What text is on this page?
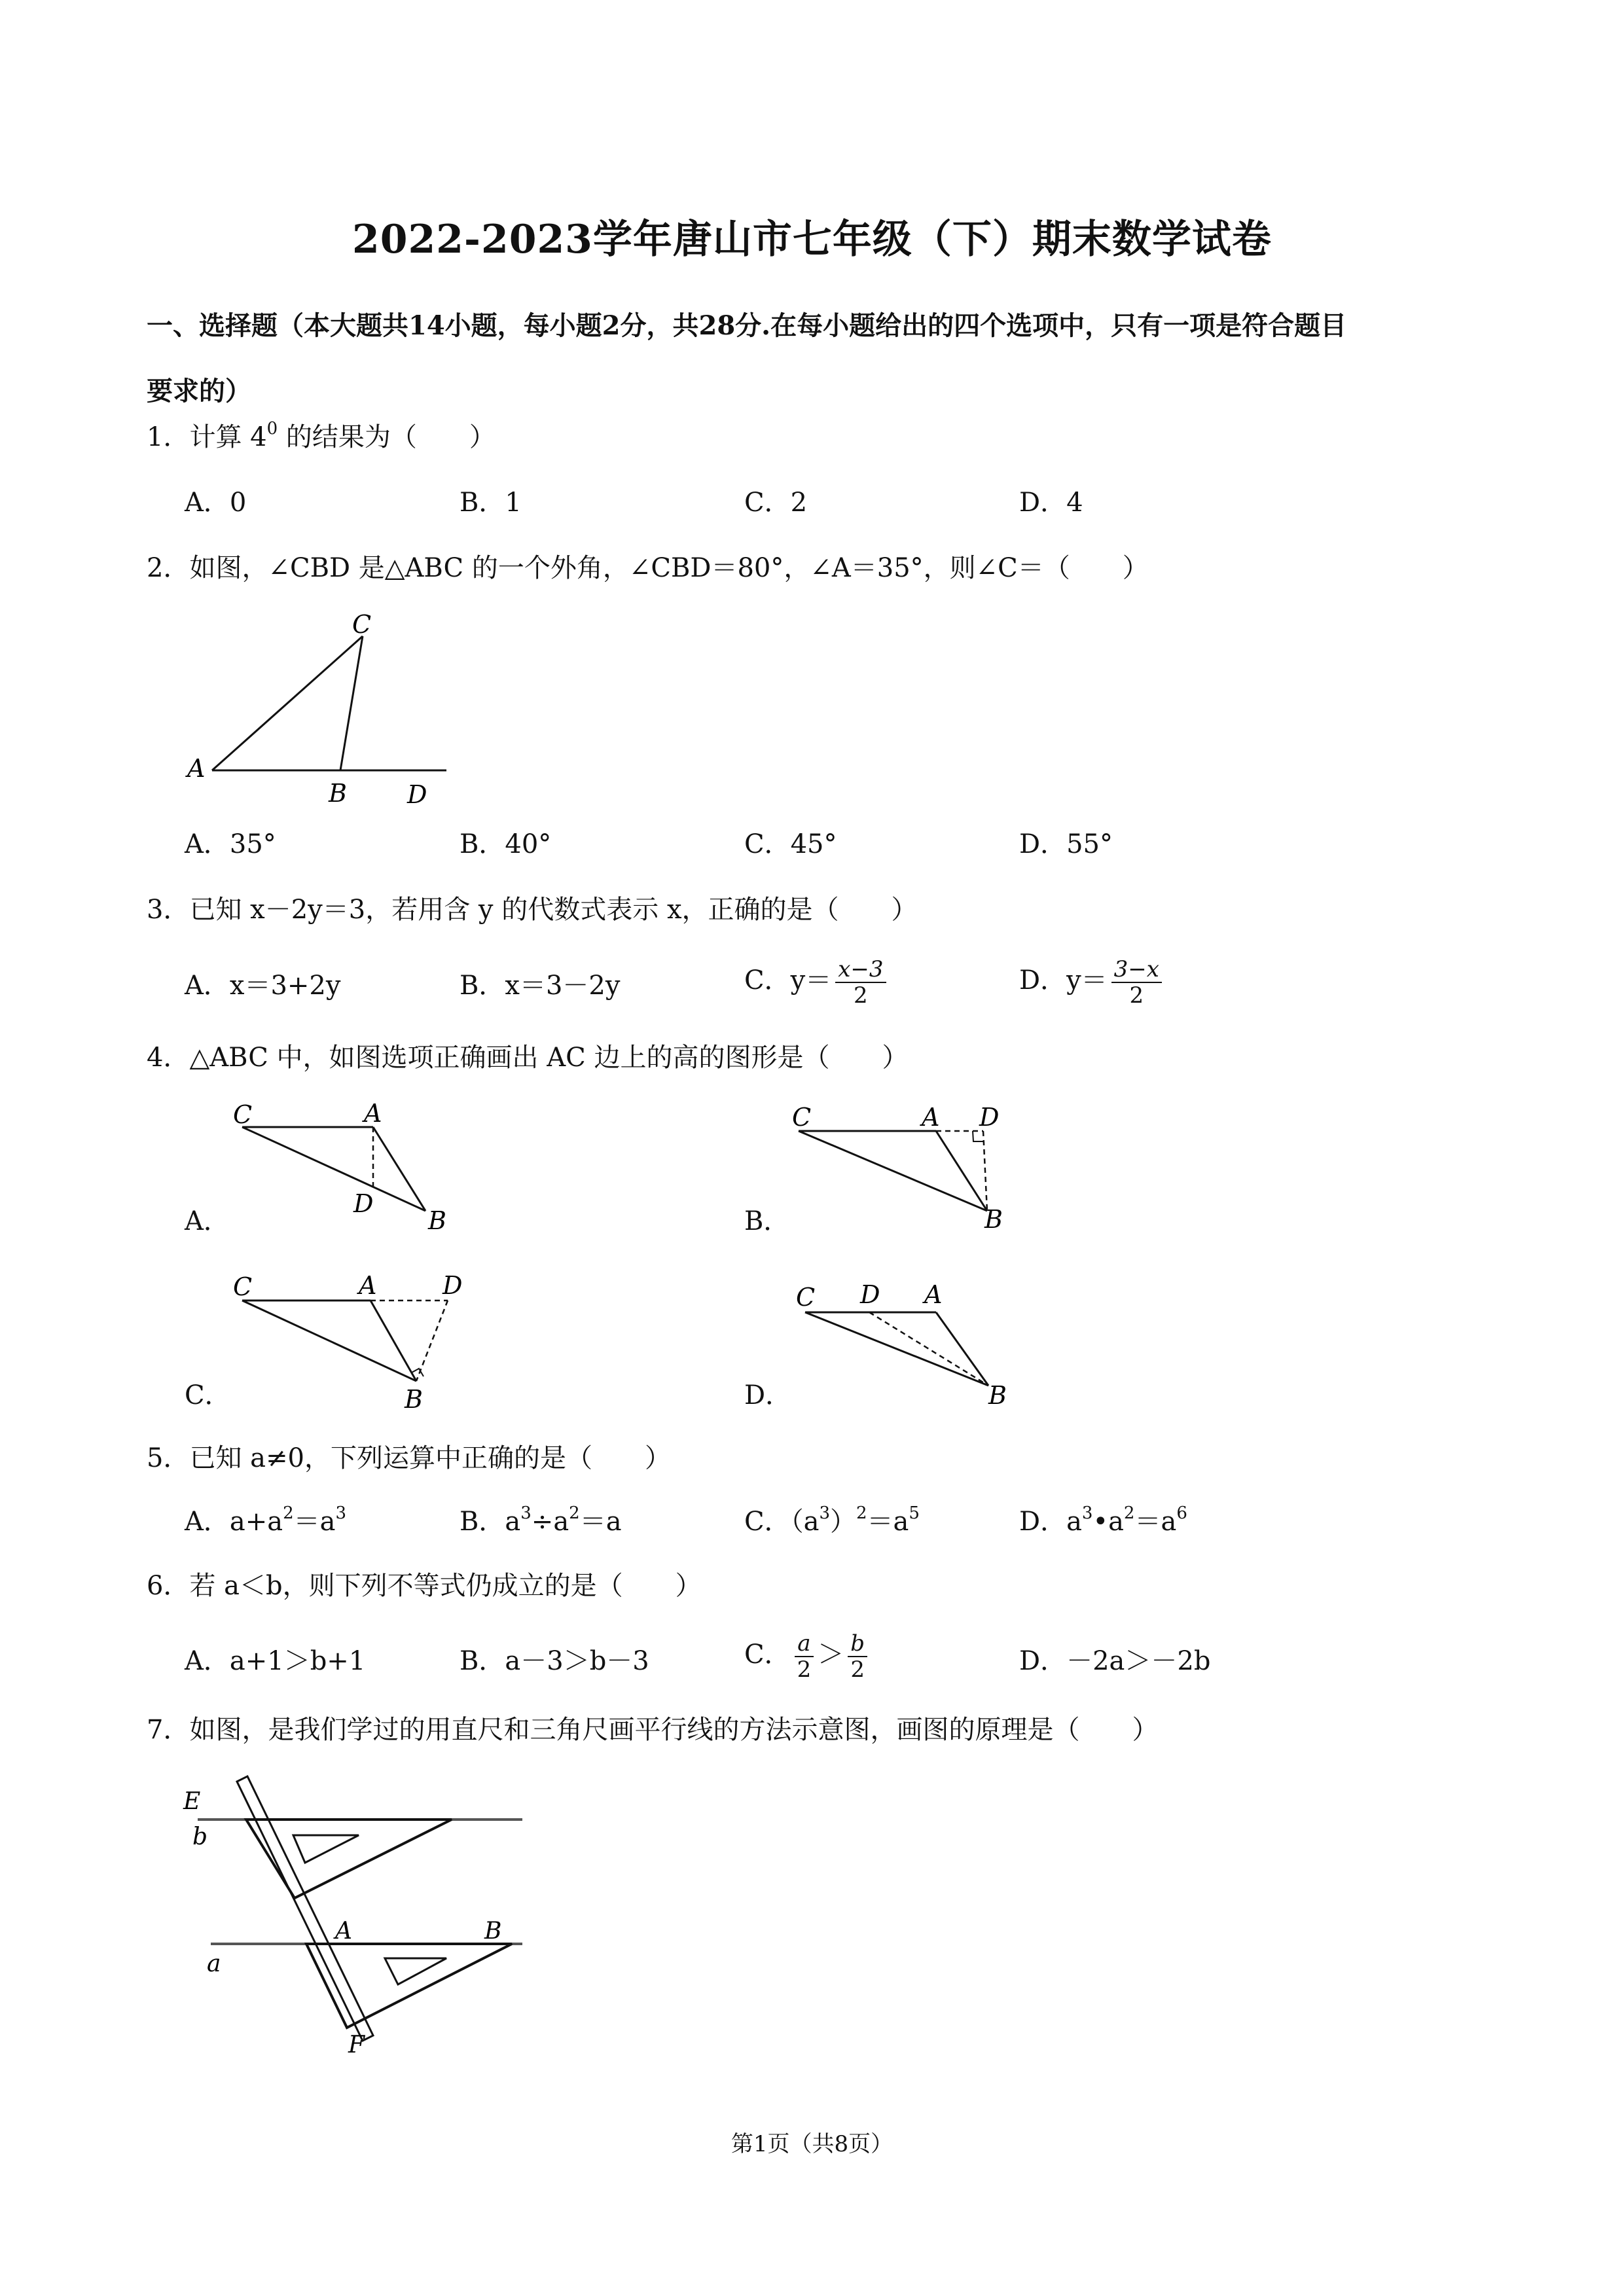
2022-2023学年唐山市七年级（下）期末数学试卷
一、选择题（本大题共14小题，每小题2分，共28分.在每小题给出的四个选项中，只有一项是符合题目
要求的）
1．计算 $4^0$ 的结果为（　　）
A．0	B．1	C．2	D．4
2．如图，∠CBD 是△ABC 的一个外角，∠CBD＝80°，∠A＝35°，则∠C＝（　　）
C
A
B D
A．35°	B．40°	C．45°	D．55°
3．已知 x－2y＝3，若用含 y 的代数式表示 x，正确的是（　　）
A．x＝3+2y	B．x＝3－2y	C．$y= \frac{x-3}{2}$	D．$y= \frac{3-x}{2}$
4．△ABC 中，如图选项正确画出 AC 边上的高的图形是（　　）
A．
C	A
D
B	B．
C	A D
B
C．
C	A	D
B	D．
C D A
B
5．已知 a≠0，下列运算中正确的是（　　）
A．$a+a^2=a^3$	B．$a^3\div a^2=a$	C．$(a^3)^2=a^5$	D．$a^3•a^2=a^6$
6．若 a＜b，则下列不等式仍成立的是（　　）
A．a+1＞b+1	B．a－3＞b－3	C． $\frac{a}{2} > \frac{b}{2}$	D．－2a＞－2b
7．如图，是我们学过的用直尺和三角尺画平行线的方法示意图，画图的原理是（　　）
E
b
A	B
a
F
第1页（共8页）
